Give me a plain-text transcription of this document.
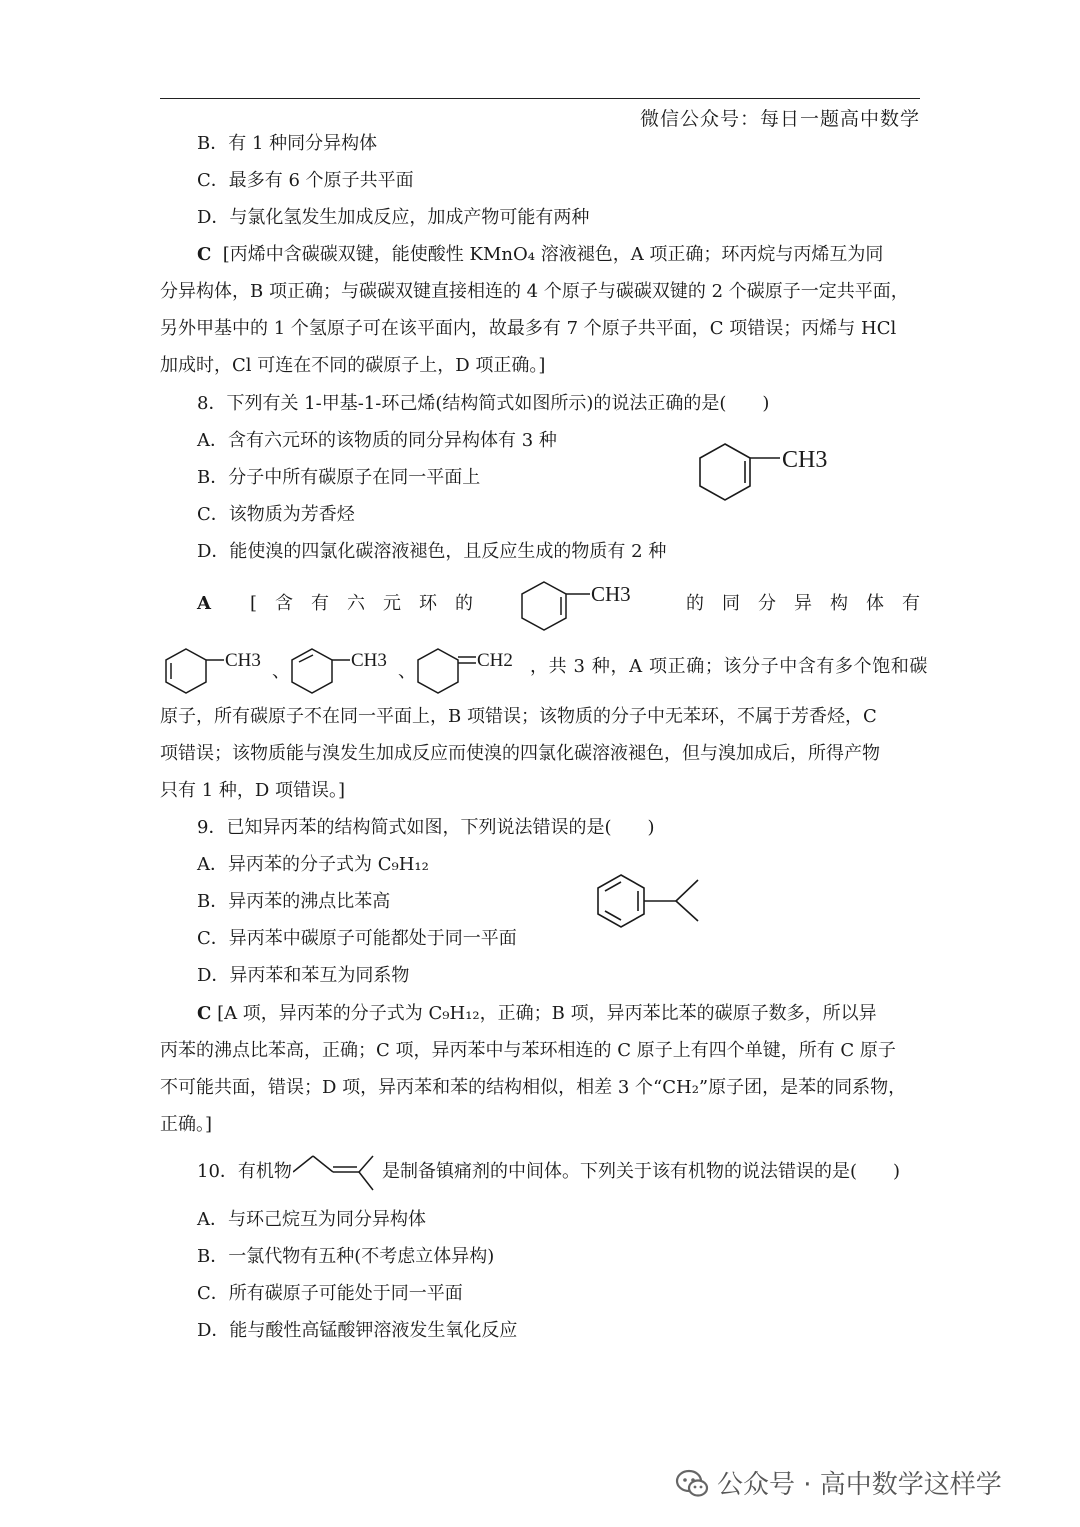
微信公众号：每日一题高中数学
B．有 1 种同分异构体
C．最多有 6 个原子共平面
D．与氯化氢发生加成反应，加成产物可能有两种
C [丙烯中含碳碳双键，能使酸性 KMnO₄ 溶液褪色，A 项正确；环丙烷与丙烯互为同
分异构体，B 项正确；与碳碳双键直接相连的 4 个原子与碳碳双键的 2 个碳原子一定共平面，
另外甲基中的 1 个氢原子可在该平面内，故最多有 7 个原子共平面，C 项错误；丙烯与 HCl
加成时，Cl 可连在不同的碳原子上，D 项正确。]
8．下列有关 1-甲基-1-环己烯(结构简式如图所示)的说法正确的是(　　)
A．含有六元环的该物质的同分异构体有 3 种
B．分子中所有碳原子在同一平面上
C．该物质为芳香烃
D．能使溴的四氯化碳溶液褪色，且反应生成的物质有 2 种
CH3
A	[　含　有　六　元　环　的	CH3	的　同　分　异　构　体　有
CH3
、
CH3
、
CH2 ，共 3 种，A 项正确；该分子中含有多个饱和碳
原子，所有碳原子不在同一平面上，B 项错误；该物质的分子中无苯环，不属于芳香烃，C
项错误；该物质能与溴发生加成反应而使溴的四氯化碳溶液褪色，但与溴加成后，所得产物
只有 1 种，D 项错误。]
9．已知异丙苯的结构简式如图，下列说法错误的是(　　)
A．异丙苯的分子式为 C₉H₁₂
B．异丙苯的沸点比苯高
C．异丙苯中碳原子可能都处于同一平面
D．异丙苯和苯互为同系物
C [A 项，异丙苯的分子式为 C₉H₁₂，正确；B 项，异丙苯比苯的碳原子数多，所以异
丙苯的沸点比苯高，正确；C 项，异丙苯中与苯环相连的 C 原子上有四个单键，所有 C 原子
不可能共面，错误；D 项，异丙苯和苯的结构相似，相差 3 个“CH₂”原子团，是苯的同系物，
正确。]
10．有机物	是制备镇痛剂的中间体。下列关于该有机物的说法错误的是(　　)
A．与环己烷互为同分异构体
B．一氯代物有五种(不考虑立体异构)
C．所有碳原子可能处于同一平面
D．能与酸性高锰酸钾溶液发生氧化反应
公众号 · 高中数学这样学
